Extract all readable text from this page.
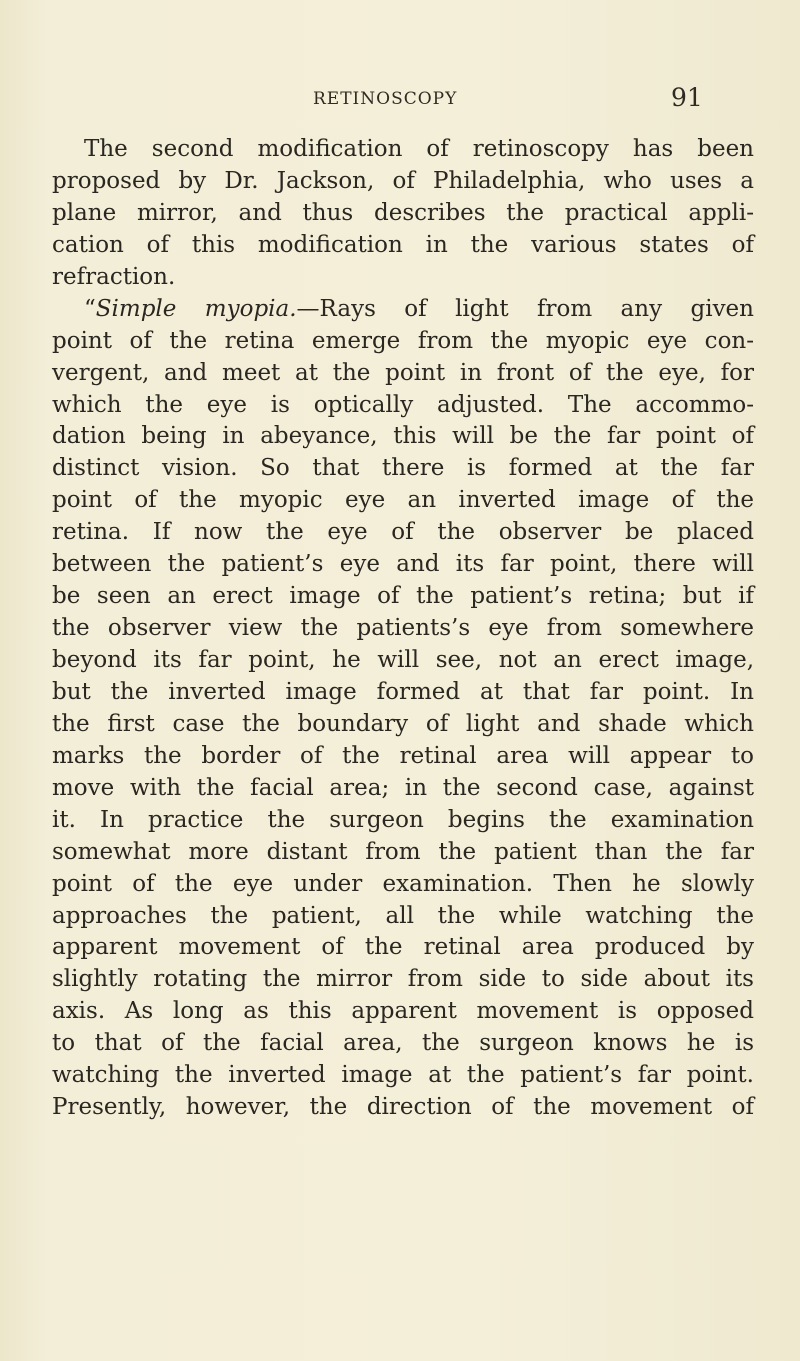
RETINOSCOPY	91
The second modification of retinoscopy has been
proposed by Dr. Jackson, of Philadelphia, who uses a
plane mirror, and thus describes the practical appli-
cation of this modification in the various states of
refraction.
“Simple myopia.—Rays of light from any given
point of the retina emerge from the myopic eye con-
vergent, and meet at the point in front of the eye, for
which the eye is optically adjusted. The accommo-
dation being in abeyance, this will be the far point of
distinct vision. So that there is formed at the far
point of the myopic eye an inverted image of the
retina. If now the eye of the observer be placed
between the patient’s eye and its far point, there will
be seen an erect image of the patient’s retina; but if
the observer view the patients’s eye from somewhere
beyond its far point, he will see, not an erect image,
but the inverted image formed at that far point. In
the first case the boundary of light and shade which
marks the border of the retinal area will appear to
move with the facial area; in the second case, against
it. In practice the surgeon begins the examination
somewhat more distant from the patient than the far
point of the eye under examination. Then he slowly
approaches the patient, all the while watching the
apparent movement of the retinal area produced by
slightly rotating the mirror from side to side about its
axis. As long as this apparent movement is opposed
to that of the facial area, the surgeon knows he is
watching the inverted image at the patient’s far point.
Presently, however, the direction of the movement of
